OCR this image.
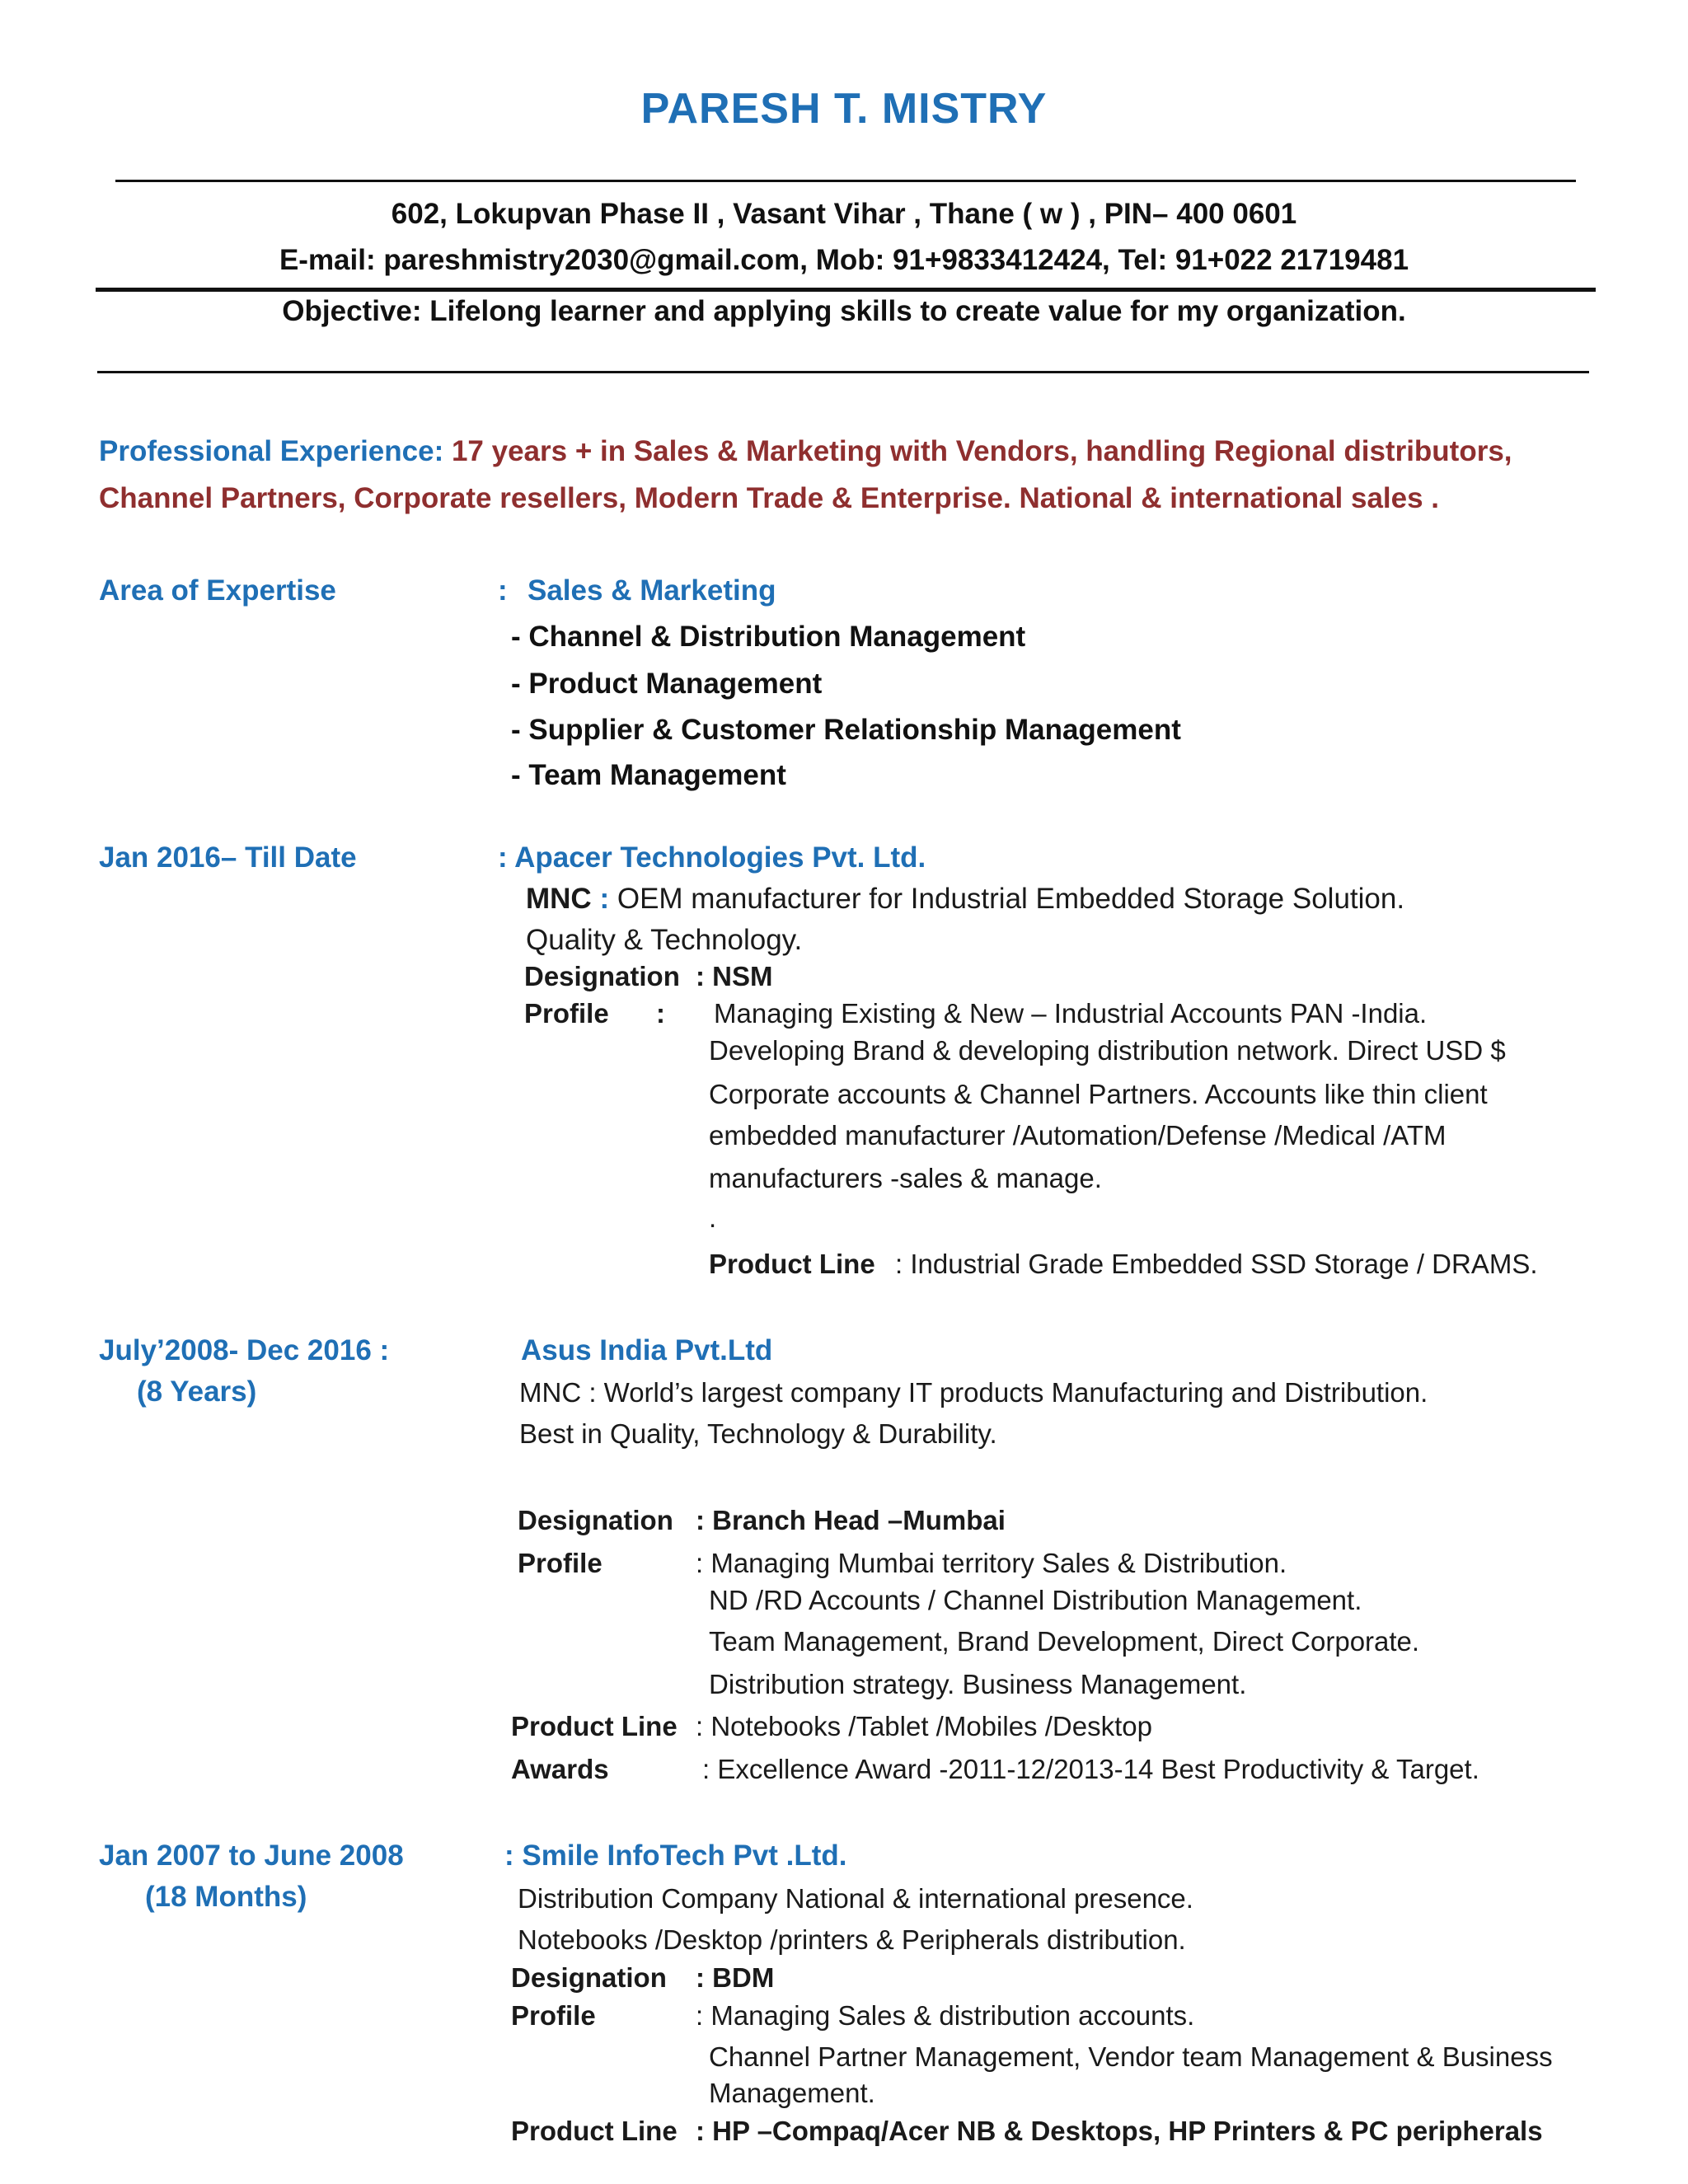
PARESH T. MISTRY
602, Lokupvan Phase II , Vasant Vihar , Thane ( w ) , PIN– 400 0601
E-mail: pareshmistry2030@gmail.com, Mob: 91+9833412424, Tel: 91+022 21719481
Objective: Lifelong learner and applying skills to create value for my organization.
Professional Experience: 17 years + in Sales & Marketing with Vendors, handling Regional distributors,
Channel Partners, Corporate resellers, Modern Trade & Enterprise. National & international sales .
Area of Expertise	: Sales & Marketing
- Channel & Distribution Management
- Product Management
- Supplier & Customer Relationship Management
- Team Management
Jan 2016– Till Date	: Apacer Technologies Pvt. Ltd.
MNC : OEM manufacturer for Industrial Embedded Storage Solution.
Quality & Technology.
Designation : NSM
Profile : Managing Existing & New – Industrial Accounts PAN -India.
Developing Brand & developing distribution network. Direct USD $
Corporate accounts & Channel Partners. Accounts like thin client
embedded manufacturer /Automation/Defense /Medical /ATM
manufacturers -sales & manage.
.
Product Line : Industrial Grade Embedded SSD Storage / DRAMS.
July’2008- Dec 2016 :
(8 Years)
Asus India Pvt.Ltd
MNC : World’s largest company IT products Manufacturing and Distribution.
Best in Quality, Technology & Durability.
Designation : Branch Head –Mumbai
Profile	: Managing Mumbai territory Sales & Distribution.
ND /RD Accounts / Channel Distribution Management.
Team Management, Brand Development, Direct Corporate.
Distribution strategy. Business Management.
Product Line : Notebooks /Tablet /Mobiles /Desktop
Awards	: Excellence Award -2011-12/2013-14 Best Productivity & Target.
Jan 2007 to June 2008
(18 Months)
: Smile InfoTech Pvt .Ltd.
Distribution Company National & international presence.
Notebooks /Desktop /printers & Peripherals distribution.
Designation : BDM
Profile	: Managing Sales & distribution accounts.
Channel Partner Management, Vendor team Management & Business
Management.
Product Line : HP –Compaq/Acer NB & Desktops, HP Printers & PC peripherals
